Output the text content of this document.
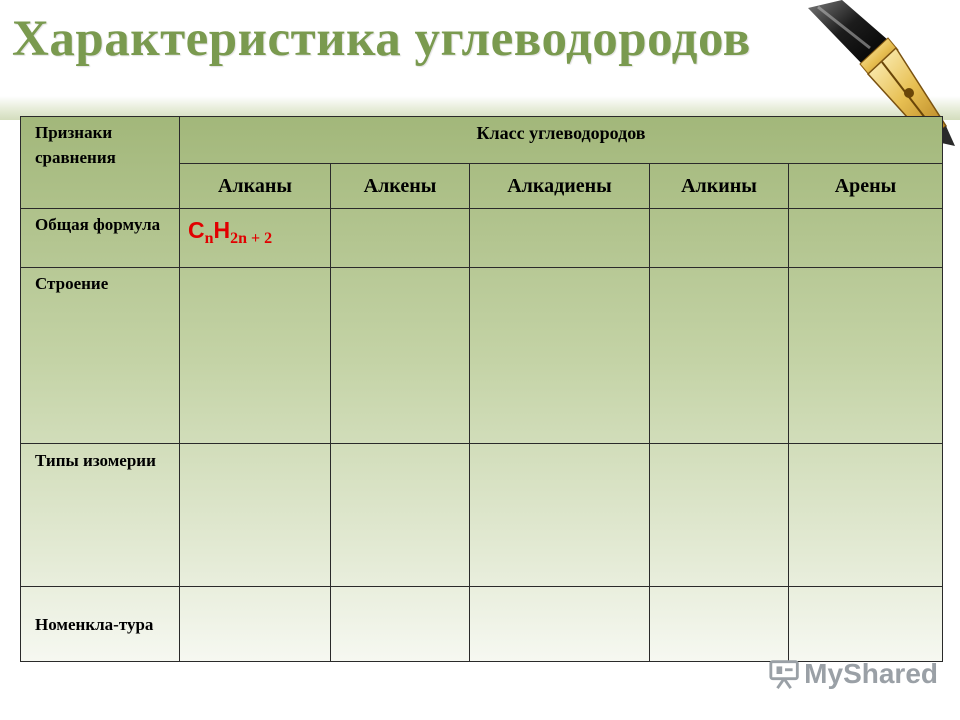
Характеристика углеводородов
Признаки сравнения	Класс углеводородов				
	Алканы	Алкены	Алкадиены	Алкины	Арены
Общая формула	$C_nH_{2n + 2}$

Строение					
Типы изомерии					
Номенкла-тура					
MyShared
